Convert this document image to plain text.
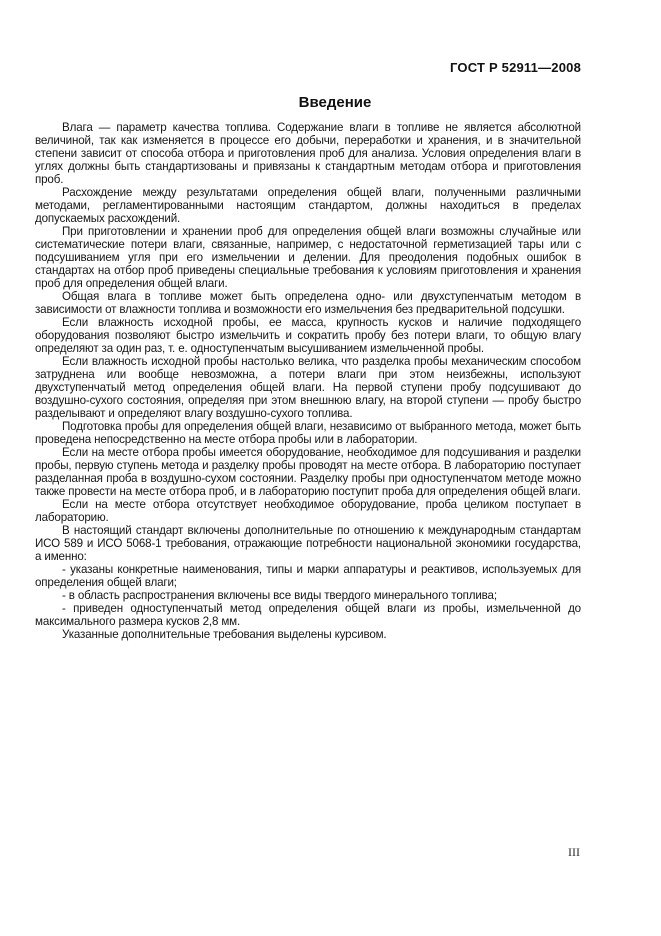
ГОСТ Р 52911—2008
Введение

Влага — параметр качества топлива. Содержание влаги в топливе не является абсолютной величиной, так как изменяется в процессе его добычи, переработки и хранения, и в значительной степени зависит от способа отбора и приготовления проб для анализа. Условия определения влаги в углях должны быть стандартизованы и привязаны к стандартным методам отбора и приготовления проб.

Расхождение между результатами определения общей влаги, полученными различными методами, регламентированными настоящим стандартом, должны находиться в пределах допускаемых расхождений.

При приготовлении и хранении проб для определения общей влаги возможны случайные или систематические потери влаги, связанные, например, с недостаточной герметизацией тары или с подсушиванием угля при его измельчении и делении. Для преодоления подобных ошибок в стандартах на отбор проб приведены специальные требования к условиям приготовления и хранения проб для определения общей влаги.

Общая влага в топливе может быть определена одно- или двухступенчатым методом в зависимости от влажности топлива и возможности его измельчения без предварительной подсушки.

Если влажность исходной пробы, ее масса, крупность кусков и наличие подходящего оборудования позволяют быстро измельчить и сократить пробу без потери влаги, то общую влагу определяют за один раз, т. е. одноступенчатым высушиванием измельченной пробы.

Если влажность исходной пробы настолько велика, что разделка пробы механическим способом затруднена или вообще невозможна, а потери влаги при этом неизбежны, используют двухступенчатый метод определения общей влаги. На первой ступени пробу подсушивают до воздушно-сухого состояния, определяя при этом внешнюю влагу, на второй ступени — пробу быстро разделывают и определяют влагу воздушно-сухого топлива.

Подготовка пробы для определения общей влаги, независимо от выбранного метода, может быть проведена непосредственно на месте отбора пробы или в лаборатории.

Если на месте отбора пробы имеется оборудование, необходимое для подсушивания и разделки пробы, первую ступень метода и разделку пробы проводят на месте отбора. В лабораторию поступает разделанная проба в воздушно-сухом состоянии. Разделку пробы при одноступенчатом методе можно также провести на месте отбора проб, и в лабораторию поступит проба для определения общей влаги.

Если на месте отбора отсутствует необходимое оборудование, проба целиком поступает в лабораторию.

В настоящий стандарт включены дополнительные по отношению к международным стандартам ИСО 589 и ИСО 5068-1 требования, отражающие потребности национальной экономики государства, а именно:

- указаны конкретные наименования, типы и марки аппаратуры и реактивов, используемых для определения общей влаги;

- в область распространения включены все виды твердого минерального топлива;

- приведен одноступенчатый метод определения общей влаги из пробы, измельченной до максимального размера кусков 2,8 мм.

Указанные дополнительные требования выделены курсивом.

III
